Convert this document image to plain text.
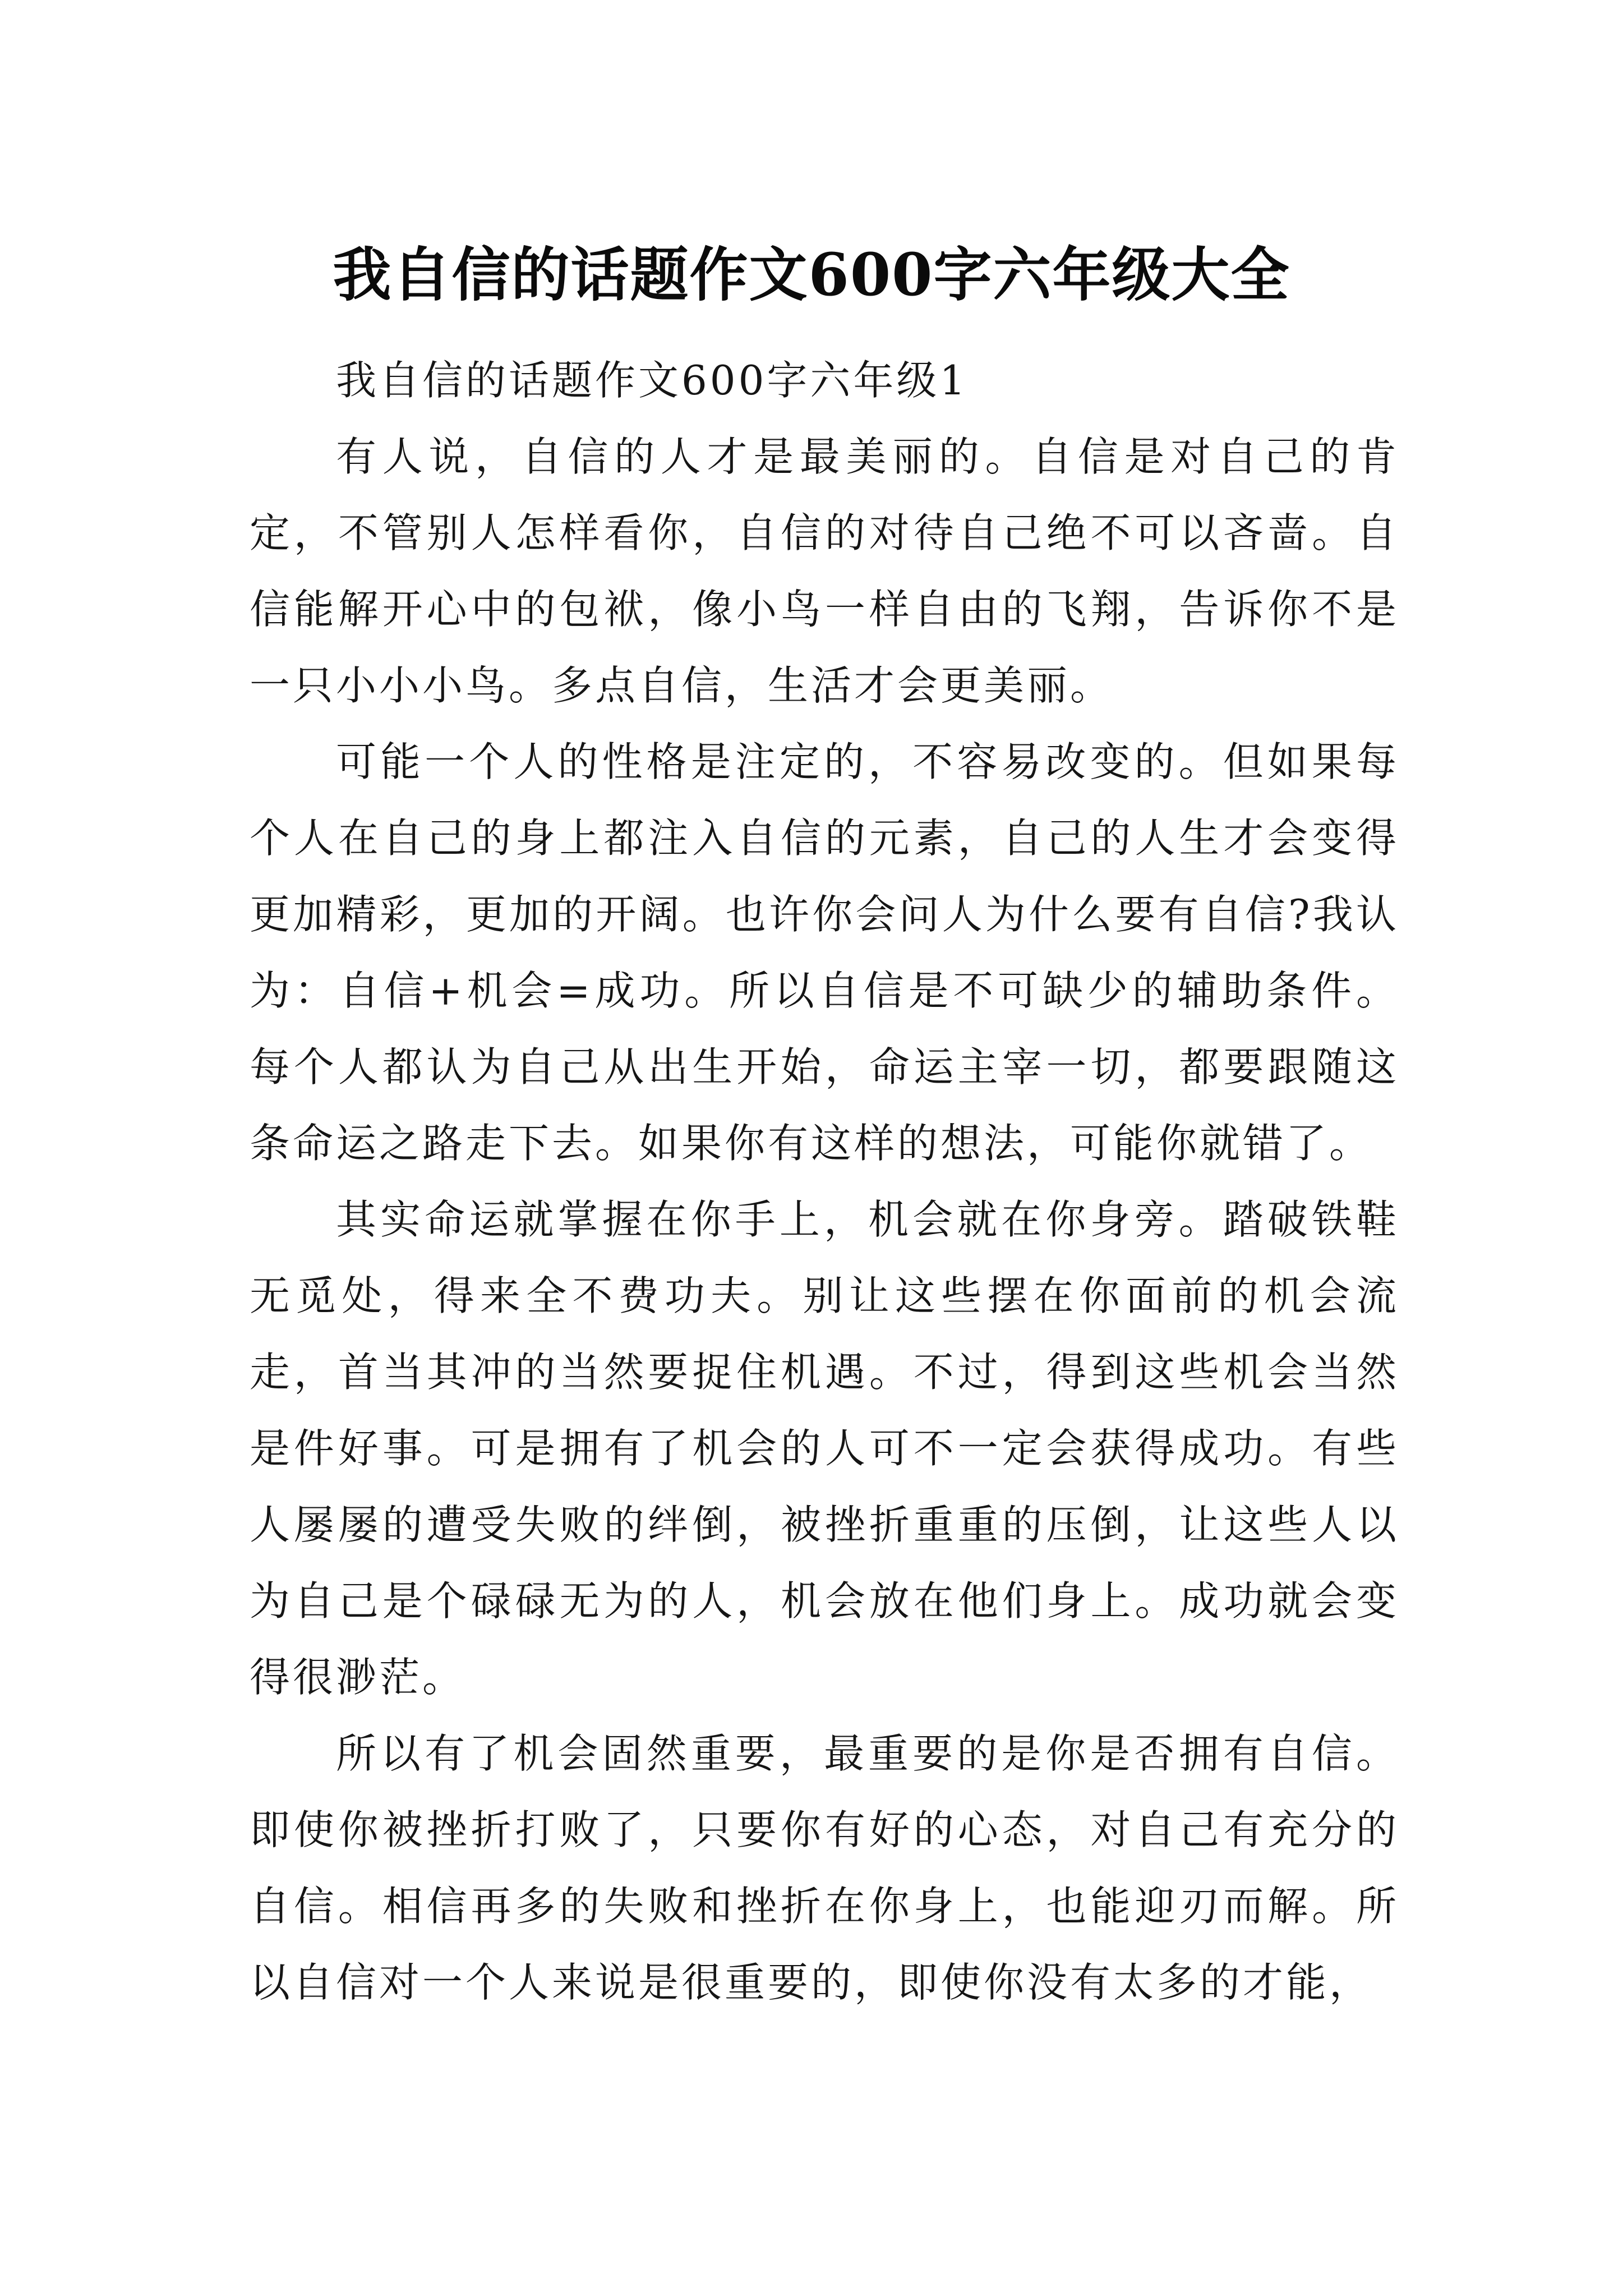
我自信的话题作文600字六年级大全

我自信的话题作文600字六年级1

有人说，自信的人才是最美丽的。自信是对自己的肯定，不管别人怎样看你，自信的对待自己绝不可以吝啬。自信能解开心中的包袱，像小鸟一样自由的飞翔，告诉你不是一只小小小鸟。多点自信，生活才会更美丽。

可能一个人的性格是注定的，不容易改变的。但如果每个人在自己的身上都注入自信的元素，自己的人生才会变得更加精彩，更加的开阔。也许你会问人为什么要有自信?我认为：自信+机会=成功。所以自信是不可缺少的辅助条件。每个人都认为自己从出生开始，命运主宰一切，都要跟随这条命运之路走下去。如果你有这样的想法，可能你就错了。

其实命运就掌握在你手上，机会就在你身旁。踏破铁鞋无觅处，得来全不费功夫。别让这些摆在你面前的机会流走，首当其冲的当然要捉住机遇。不过，得到这些机会当然是件好事。可是拥有了机会的人可不一定会获得成功。有些人屡屡的遭受失败的绊倒，被挫折重重的压倒，让这些人以为自己是个碌碌无为的人，机会放在他们身上。成功就会变得很渺茫。

所以有了机会固然重要，最重要的是你是否拥有自信。即使你被挫折打败了，只要你有好的心态，对自己有充分的自信。相信再多的失败和挫折在你身上，也能迎刃而解。所以自信对一个人来说是很重要的，即使你没有太多的才能，
